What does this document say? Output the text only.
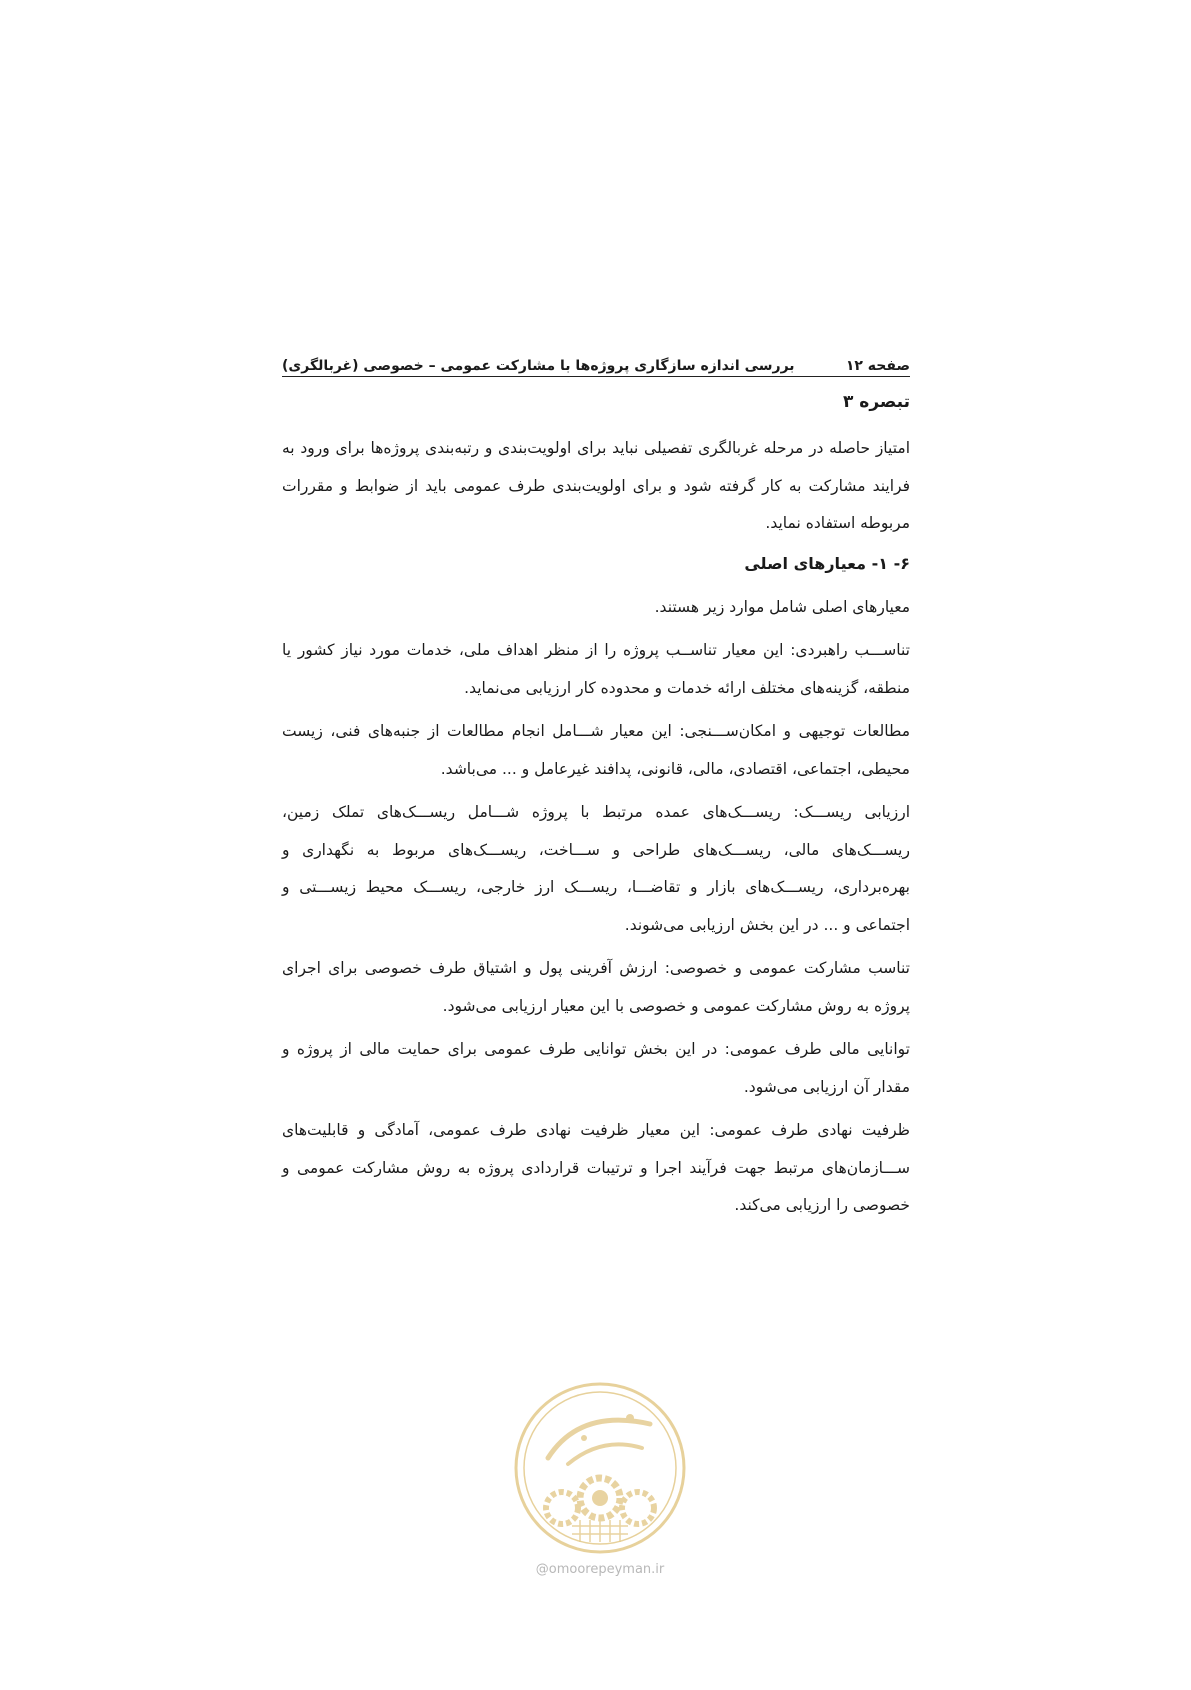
صفحه ۱۲
بررسی اندازه سازگاری پروژه‌ها با مشارکت عمومی – خصوصی (غربالگری)
تبصره ۳

امتیاز حاصله در مرحله غربالگری تفصیلی نباید برای اولویت‌بندی و رتبه‌بندی پروژه‌ها برای ورود به فرایند مشارکت به کار گرفته شود و برای اولویت‌بندی طرف عمومی باید از ضوابط و مقررات مربوطه استفاده نماید.

۶- ۱- معیارهای اصلی

معیارهای اصلی شامل موارد زیر هستند.

تناســـب راهبردی: این معیار تناســب پروژه را از منظر اهداف ملی، خدمات مورد نیاز کشور یا منطقه، گزینه‌های مختلف ارائه خدمات و محدوده کار ارزیابی می‌نماید.

مطالعات توجیهی و امکان‌ســـنجی: این معیار شـــامل انجام مطالعات از جنبه‌های فنی، زیست محیطی، اجتماعی، اقتصادی، مالی، قانونی، پدافند غیرعامل و ... می‌باشد.

ارزیابی ریســـک: ریســـک‌های عمده مرتبط با پروژه شـــامل ریســـک‌های تملک زمین، ریســـک‌های مالی، ریســـک‌های طراحی و ســـاخت، ریســـک‌های مربوط به نگهداری و بهره‌برداری، ریســـک‌های بازار و تقاضـــا، ریســـک ارز خارجی، ریســـک محیط زیســـتی و اجتماعی و ... در این بخش ارزیابی می‌شوند.

تناسب مشارکت عمومی و خصوصی: ارزش آفرینی پول و اشتیاق طرف خصوصی برای اجرای پروژه به روش مشارکت عمومی و خصوصی با این معیار ارزیابی می‌شود.

توانایی مالی طرف عمومی: در این بخش توانایی طرف عمومی برای حمایت مالی از پروژه و مقدار آن ارزیابی می‌شود.

ظرفیت نهادی طرف عمومی: این معیار ظرفیت نهادی طرف عمومی، آمادگی و قابلیت‌های ســـازمان‌های مرتبط جهت فرآیند اجرا و ترتیبات قراردادی پروژه به روش مشارکت عمومی و خصوصی را ارزیابی می‌کند.

@omoorepeyman.ir
